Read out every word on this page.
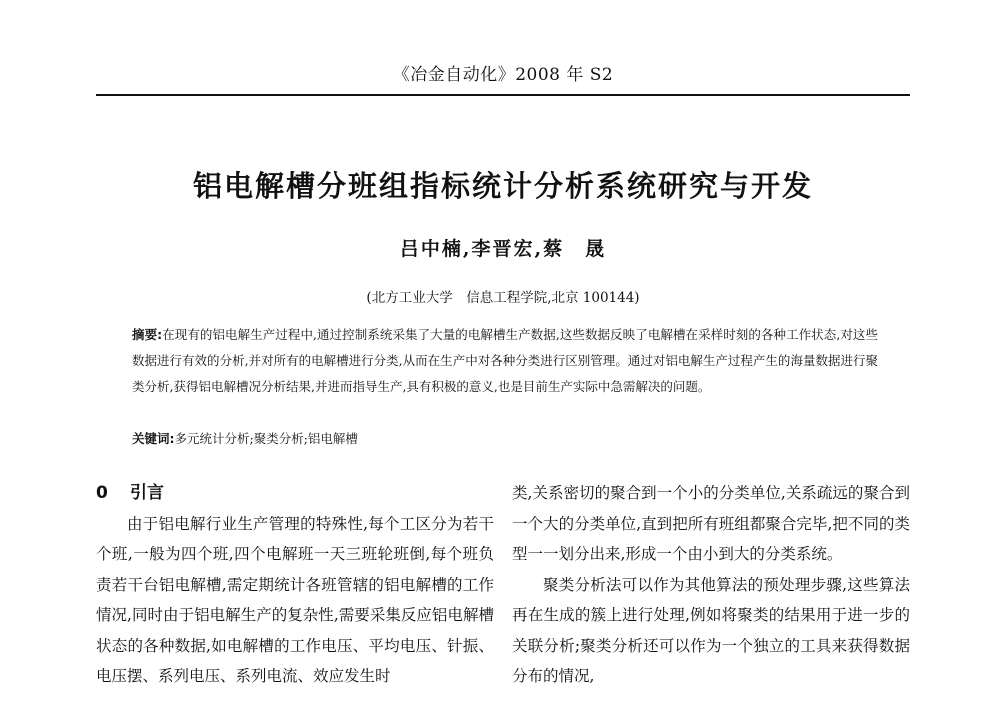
《冶金自动化》2008 年 S2
铝电解槽分班组指标统计分析系统研究与开发
吕中楠,李晋宏,蔡　晟
(北方工业大学　信息工程学院,北京 100144)
摘要:在现有的铝电解生产过程中,通过控制系统采集了大量的电解槽生产数据,这些数据反映了电解槽在采样时刻的各种工作状态,对这些数据进行有效的分析,并对所有的电解槽进行分类,从而在生产中对各种分类进行区别管理。通过对铝电解生产过程产生的海量数据进行聚类分析,获得铝电解槽况分析结果,并进而指导生产,具有积极的意义,也是目前生产实际中急需解决的问题。
关键词:多元统计分析;聚类分析;铝电解槽
0 引言

由于铝电解行业生产管理的特殊性,每个工区分为若干个班,一般为四个班,四个电解班一天三班轮班倒,每个班负责若干台铝电解槽,需定期统计各班管辖的铝电解槽的工作情况,同时由于铝电解生产的复杂性,需要采集反应铝电解槽状态的各种数据,如电解槽的工作电压、平均电压、针振、电压摆、系列电压、系列电流、效应发生时

类,关系密切的聚合到一个小的分类单位,关系疏远的聚合到一个大的分类单位,直到把所有班组都聚合完毕,把不同的类型一一划分出来,形成一个由小到大的分类系统。

聚类分析法可以作为其他算法的预处理步骤,这些算法再在生成的簇上进行处理,例如将聚类的结果用于进一步的关联分析;聚类分析还可以作为一个独立的工具来获得数据分布的情况,
